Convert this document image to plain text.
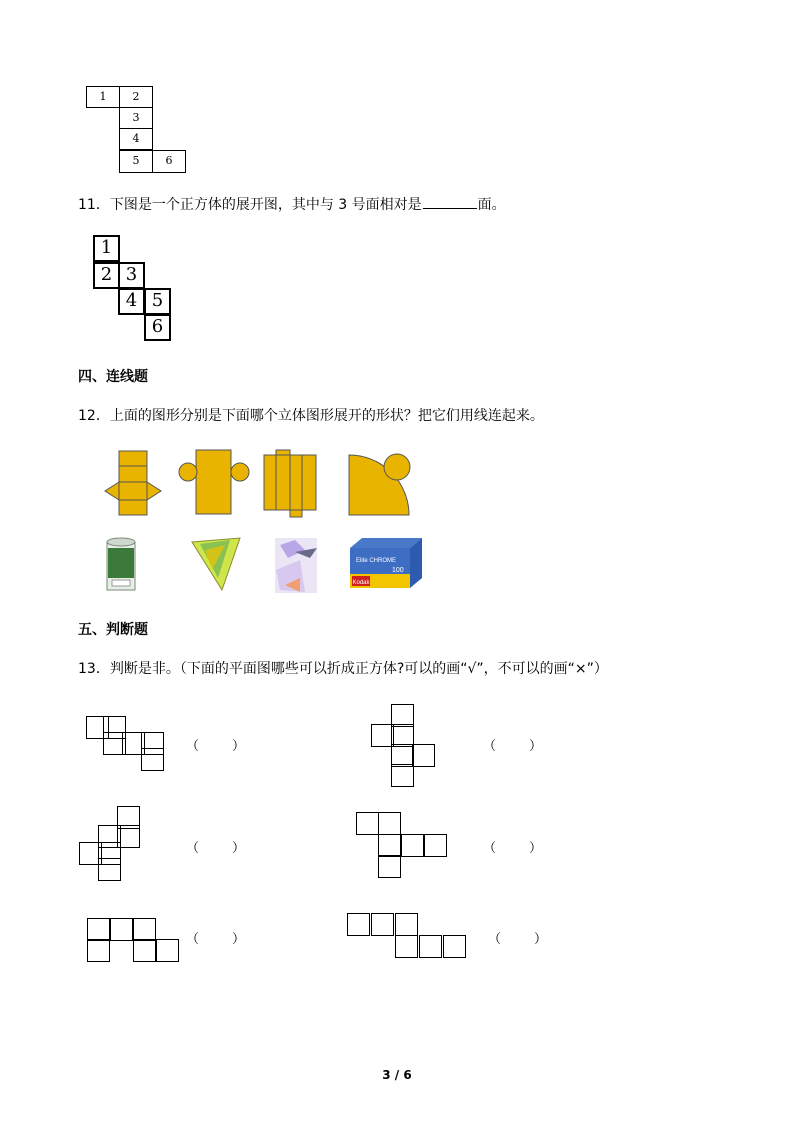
1	2
3
4
5	6
11．下图是一个正方体的展开图，其中与 3 号面相对是	面。
1
2 3
4 5
6
四、连线题
12．上面的图形分别是下面哪个立体图形展开的形状？把它们用线连起来。
Kodak
Elite CHROME
100
五、判断题
13．判断是非。（下面的平面图哪些可以折成正方体?可以的画“√”，不可以的画“×”）
（        ）	（        ）
（        ）	（        ）
（        ）	（        ）
3 / 6
